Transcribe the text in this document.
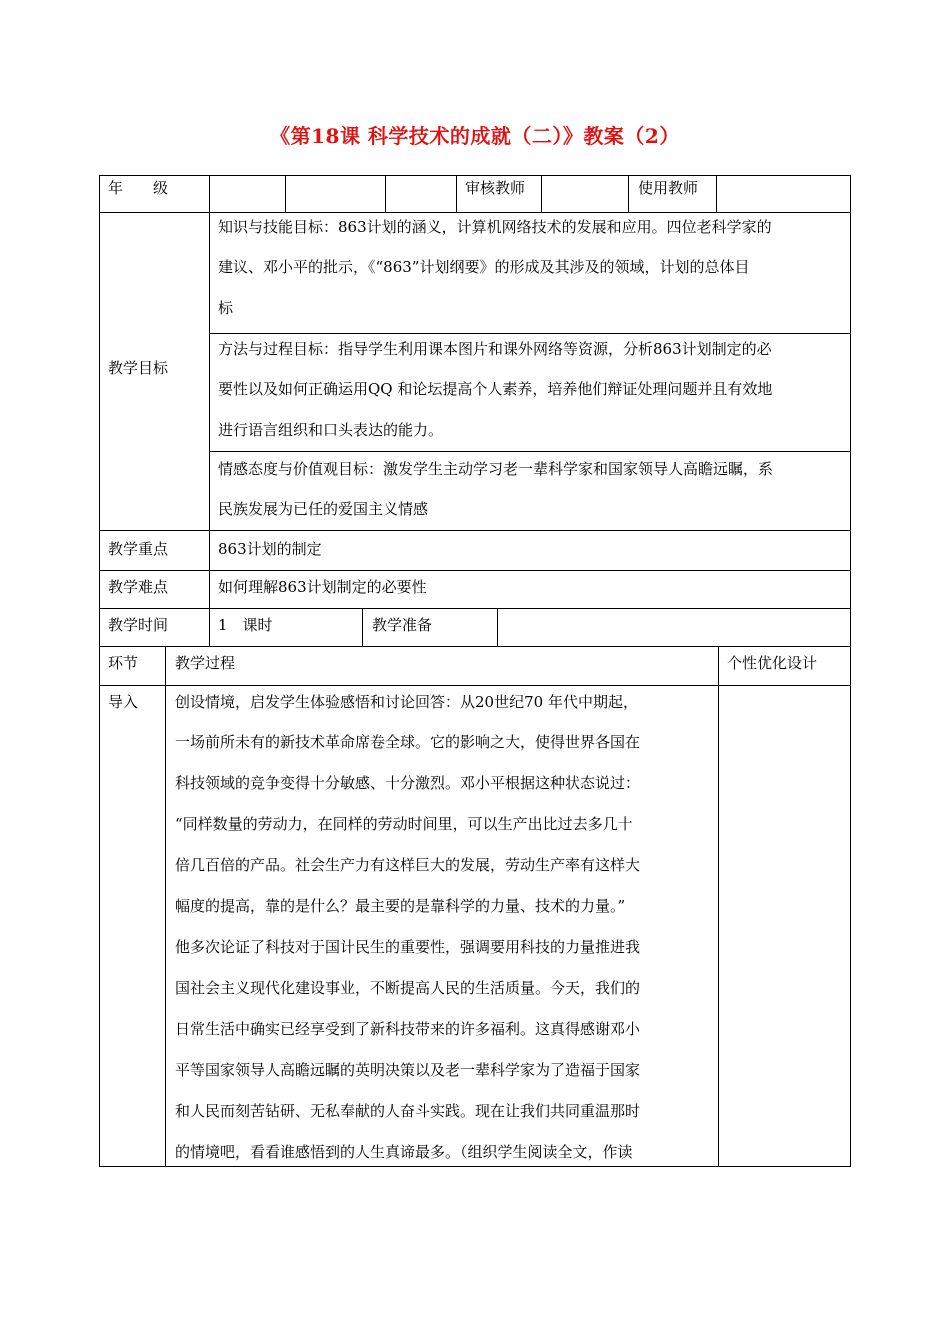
《第18课 科学技术的成就（二）》教案（2）
年　　级	审核教师	使用教师
教学目标
知识与技能目标：863计划的涵义，计算机网络技术的发展和应用。四位老科学家的
建议、邓小平的批示，《“863”计划纲要》的形成及其涉及的领域，计划的总体目
标
方法与过程目标：指导学生利用课本图片和课外网络等资源，分析863计划制定的必
要性以及如何正确运用QQ 和论坛提高个人素养，培养他们辩证处理问题并且有效地
进行语言组织和口头表达的能力。
情感态度与价值观目标：激发学生主动学习老一辈科学家和国家领导人高瞻远瞩，系
民族发展为已任的爱国主义情感
教学重点	863计划的制定
教学难点	如何理解863计划制定的必要性
教学时间	1　课时	教学准备
环节 教学过程	个性优化设计
导入 创设情境，启发学生体验感悟和讨论回答：从20世纪70 年代中期起，
一场前所未有的新技术革命席卷全球。它的影响之大，使得世界各国在
科技领域的竞争变得十分敏感、十分激烈。邓小平根据这种状态说过：
“同样数量的劳动力，在同样的劳动时间里，可以生产出比过去多几十
倍几百倍的产品。社会生产力有这样巨大的发展，劳动生产率有这样大
幅度的提高，靠的是什么？最主要的是靠科学的力量、技术的力量。”
他多次论证了科技对于国计民生的重要性，强调要用科技的力量推进我
国社会主义现代化建设事业，不断提高人民的生活质量。今天，我们的
日常生活中确实已经享受到了新科技带来的许多福利。这真得感谢邓小
平等国家领导人高瞻远瞩的英明决策以及老一辈科学家为了造福于国家
和人民而刻苦钻研、无私奉献的人奋斗实践。现在让我们共同重温那时
的情境吧，看看谁感悟到的人生真谛最多。（组织学生阅读全文，作读
